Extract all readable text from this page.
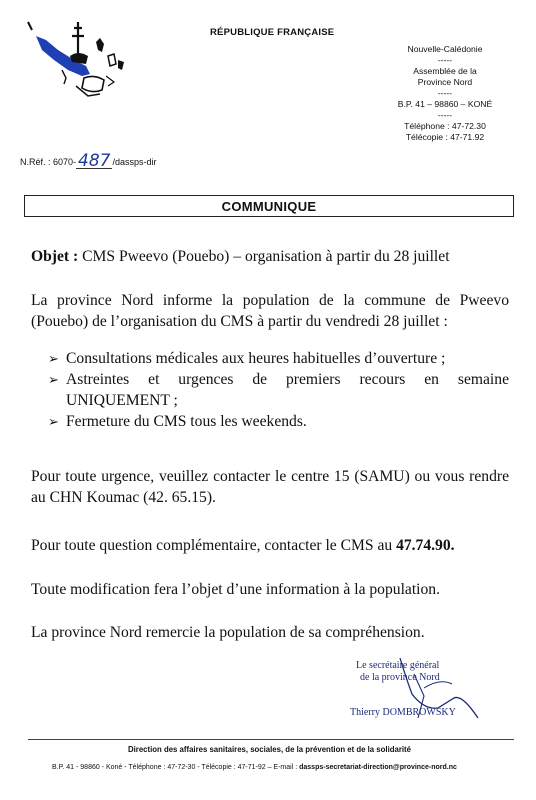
RÉPUBLIQUE FRANÇAISE
Nouvelle-Calédonie
-----
Assemblée de la
Province Nord
-----
B.P. 41 – 98860 – KONÉ
-----
Téléphone : 47-72.30
Télécopie : 47-71.92
N.Réf. : 6070- 487 /dassps-dir
COMMUNIQUE
Objet : CMS Pweevo (Pouebo) – organisation à partir du 28 juillet
La province Nord informe la population de la commune de Pweevo (Pouebo) de l’organisation du CMS à partir du vendredi 28 juillet :
➢ Consultations médicales aux heures habituelles d’ouverture ;
➢ Astreintes et urgences de premiers recours en semaine UNIQUEMENT ;
➢ Fermeture du CMS tous les weekends.
Pour toute urgence, veuillez contacter le centre 15 (SAMU) ou vous rendre au CHN Koumac (42. 65.15).
Pour toute question complémentaire, contacter le CMS au 47.74.90.
Toute modification fera l’objet d’une information à la population.
La province Nord remercie la population de sa compréhension.
Le secrétaire général
de la province Nord
Thierry DOMBROWSKY
Direction des affaires sanitaires, sociales, de la prévention et de la solidarité
B.P. 41 - 98860 - Koné - Téléphone : 47-72-30 - Télécopie : 47-71-92 – E-mail : dassps-secretariat-direction@province-nord.nc
